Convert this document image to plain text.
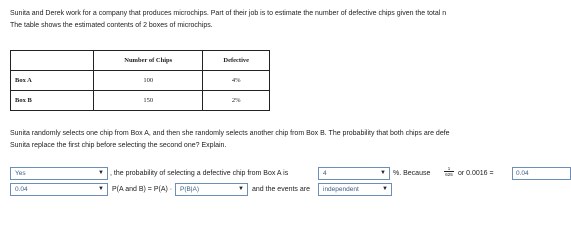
Sunita and Derek work for a company that produces microchips. Part of their job is to estimate the number of defective chips given the total n
The table shows the estimated contents of 2 boxes of microchips.
	Number of Chips	Defective
Box A	100	4%
Box B	150	2%
Sunita randomly selects one chip from Box A, and then she randomly selects another chip from Box B. The probability that both chips are defe
Sunita replace the first chip before selecting the second one? Explain.
Yes	▼ , the probability of selecting a defective chip from Box A is	4	▼ %. Because	$\frac{1}{625}$ or 0.0016 =	0.04
0.04	▼ P(A and B) = P(A) ·	P(B|A)	▼ and the events are	independent	▼
